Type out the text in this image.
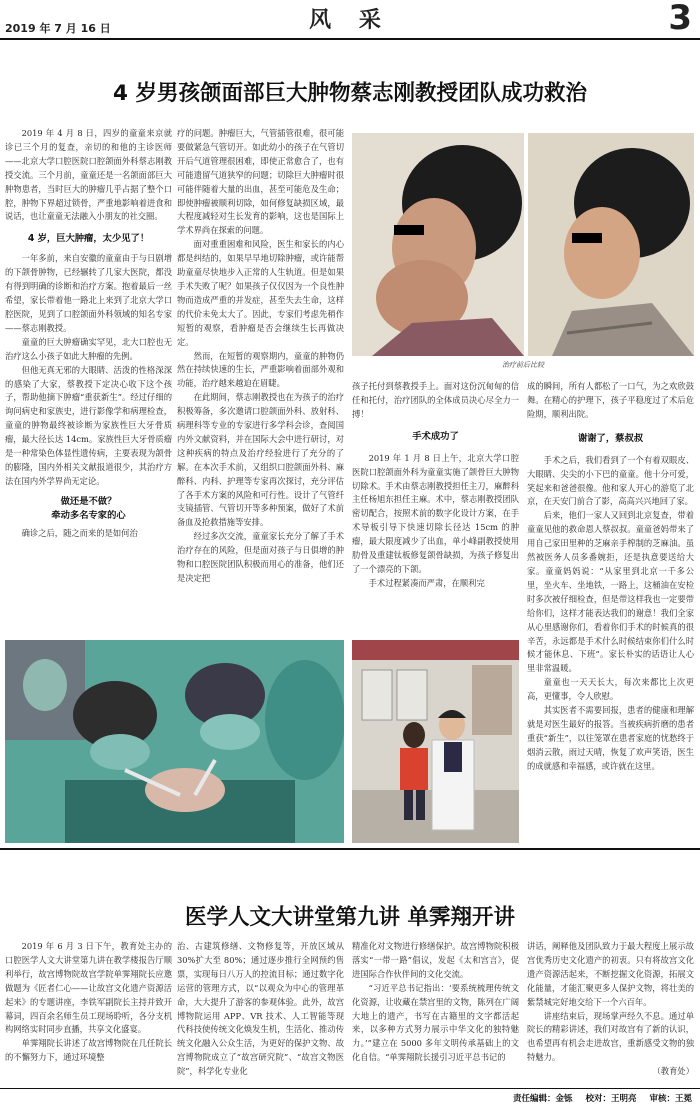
2019 年 7 月 16 日	风 采	3
4 岁男孩颌面部巨大肿物蔡志刚教授团队成功救治

2019 年 4 月 8 日，四岁的童童来京就诊已三个月的复查，亲切的和他的主诊医师——北京大学口腔医院口腔颌面外科蔡志刚教授交流。三个月前，童童还是一名颌面部巨大肿物患者，当时巨大的肿瘤几乎占据了整个口腔，肿物下界超过锁骨，严重地影响着进食和说话，也让童童无法融入小朋友的社交圈。

4 岁，巨大肿瘤，太少见了！

一年多前，来自安徽的童童由于与日剧增的下颌骨肿物，已经辗转了几家大医院，都没有得到明确的诊断和治疗方案。抱着最后一丝希望，家长带着他一路北上来到了北京大学口腔医院，见到了口腔颌面外科领域的知名专家——蔡志刚教授。

童童的巨大肿瘤确实罕见，北大口腔也无治疗这么小孩子如此大肿瘤的先例。

但他无真无邪的大眼睛、活泼的性格深深的感染了大家，蔡教授下定决心收下这个孩子，帮助他摘下肿瘤“重获新生”。经过仔细的询问病史和家族史，进行影像学和病理检查，童童的肿物最终被诊断为家族性巨大牙骨质瘤，最大径长达 14cm。家族性巨大牙骨质瘤是一种常染色体显性遗传病，主要表现为颌骨的膨隆，国内外相关文献报道很少，其治疗方法在国内外学界尚无定论。

做还是不做？
牵动多名专家的心

确诊之后，随之而来的是如何治

疗的问题。肿瘤巨大，气管插管很难，很可能要做紧急气管切开。如此幼小的孩子在气管切开后气道管理很困难，即使正常愈合了，也有可能遗留气道狭窄的问题；切除巨大肿瘤时很可能伴随着大量的出血，甚至可能危及生命；即使肿瘤被顺利切除，如何修复缺损区域，最大程度减轻对生长发育的影响，这也是国际上学术界尚在探索的问题。

面对重重困难和风险，医生和家长的内心都是纠结的，如果早早地切除肿瘤，或许能帮助童童尽快地步入正常的人生轨道。但是如果手术失败了呢？如果孩子仅仅因为一个良性肿物而造成严重的并发症，甚至失去生命，这样的代价未免太大了。因此，专家们考虑先稍作短暂的观察，看肿瘤是否会继续生长再做决定。

然而，在短暂的观察期内，童童的肿物仍然在持续快速的生长，严重影响着面部外观和功能，治疗越来越迫在眉睫。

在此期间，蔡志刚教授也在为孩子的治疗积极筹备，多次邀请口腔颌面外科、放射科、病理科等专业的专家进行多学科会诊，查阅国内外文献资料，并在国际大会中进行研讨，对这种疾病的特点及治疗经验进行了充分的了解。在本次手术前，又组织口腔颌面外科、麻醉科、内科、护理等专家再次探讨，充分评估了各手术方案的风险和可行性。设计了气管纤支镜插管、气管切开等多种预案，做好了术前备血及抢救措施等安排。

经过多次交流，童童家长充分了解了手术治疗存在的风险，但是面对孩子与日俱增的肿物和口腔医院团队积极而用心的准备，他们还是决定把

治疗前后比较

孩子托付到蔡教授手上。面对这份沉甸甸的信任和托付，治疗团队的全体成员决心尽全力一搏！

手术成功了

2019 年 1 月 8 日上午，北京大学口腔医院口腔颌面外科为童童实施了颌骨巨大肿物切除术。手术由蔡志刚教授担任主刀，麻醉科主任杨旭东担任主麻。术中，蔡志刚教授团队密切配合，按照术前的数字化设计方案，在手术导板引导下快速切除长径达 15cm 的肿瘤，最大限度减少了出血，单小峰副教授使用肋骨及重建钛板修复颌骨缺损，为孩子修复出了一个漂亮的下颌。

手术过程紧凑而严肃，在顺利完

成的瞬间，所有人都松了一口气，为之欢欣鼓舞。在精心的护理下，孩子平稳度过了术后危险期，顺利出院。

谢谢了，蔡叔叔

手术之后，我们看到了一个有着双眼皮、大眼睛、尖尖的小下巴的童童。他十分可爱，笑起来和爸爸很像。他和家人开心的游览了北京，在天安门前合了影，高高兴兴地回了家。

后来，他们一家人又回到北京复查，带着童童见他的救命恩人蔡叔叔。童童爸妈带来了用自己家田里种的芝麻亲手榨制的芝麻油。虽然被医务人员多番婉拒，还是执意要送给大家。童童妈妈说：“从家里到北京一千多公里，坐火车、坐地铁，一路上，这桶油在安检时多次被仔细检查，但是带这样我也一定要带给你们，这样才能表达我们的谢意！我们全家从心里感谢你们，看着你们手术的时候真的很辛苦，永远都是手术什么时候结束你们什么时候才能休息、下班”。家长朴实的话语让人心里非常温暖。

童童也一天天长大，每次来都比上次更高，更懂事，令人欣慰。

其实医者不需要回报，患者的健康和理解就是对医生最好的报答。当被疾病折磨的患者重获“新生”，以往笼罩在患者家庭的忧愁终于烟消云散，雨过天晴，恢复了欢声笑语，医生的成就感和幸福感，或许就在这里。

医学人文大讲堂第九讲 单霁翔开讲

2019 年 6 月 3 日下午，教育处主办的口腔医学人文大讲堂第九讲在教学楼报告厅顺利举行，故宫博物院故宫学院单霁翔院长应邀做题为《匠者仁心——让故宫文化遗产资源活起来》的专题讲座，李铁军副院长主持并致开幕词，四百余名师生员工现场聆听，各分支机构网络实时同步直播，共享文化盛宴。

单霁翔院长讲述了故宫博物院在几任院长的不懈努力下，通过环境整

治、古建筑修缮、文物修复等，开放区域从 30%扩大至 80%；通过逐步推行全网预约售票，实现每日八万人的控流目标；通过数字化运营的管理方式，以“以观众为中心的管理革命，大大提升了游客的参观体验。此外，故宫博物院运用 APP、VR 技术、人工智能等现代科技使传统文化焕发生机，生活化、推动传统文化融入公众生活，为更好的保护文物、故宫博物院成立了“故宫研究院”、“故宫文物医院”，科学化专业化

精准化对文物进行修缮保护。故宫博物院积极落实“一带一路”倡议，发起《太和宫言》，促进国际合作伙伴间的文化交流。

“习近平总书记指出：‘要系统梳理传统文化资源，让收藏在禁宫里的文物，陈列在广阔大地上的遗产，书写在古籍里的文字都活起来，以多种方式努力展示中华文化的独特魅力。’”建立在 5000 多年文明传承基础上的文化自信。“单霁翔院长援引习近平总书记的

讲话，阐释他及团队致力于最大程度上展示故宫优秀历史文化遗产的初衷。只有将故宫文化遗产资源活起来，不断挖掘文化资源，拓展文化能量，才能汇聚更多人保护文物，将壮美的紫禁城完好地交给下一个六百年。

讲座结束后，现场掌声经久不息。通过单院长的精彩讲述，我们对故宫有了新的认识，也希望再有机会走进故宫，重新感受文物的独特魅力。

（教育处）
责任编辑：金铄 校对：王明亮 审核：王冕
